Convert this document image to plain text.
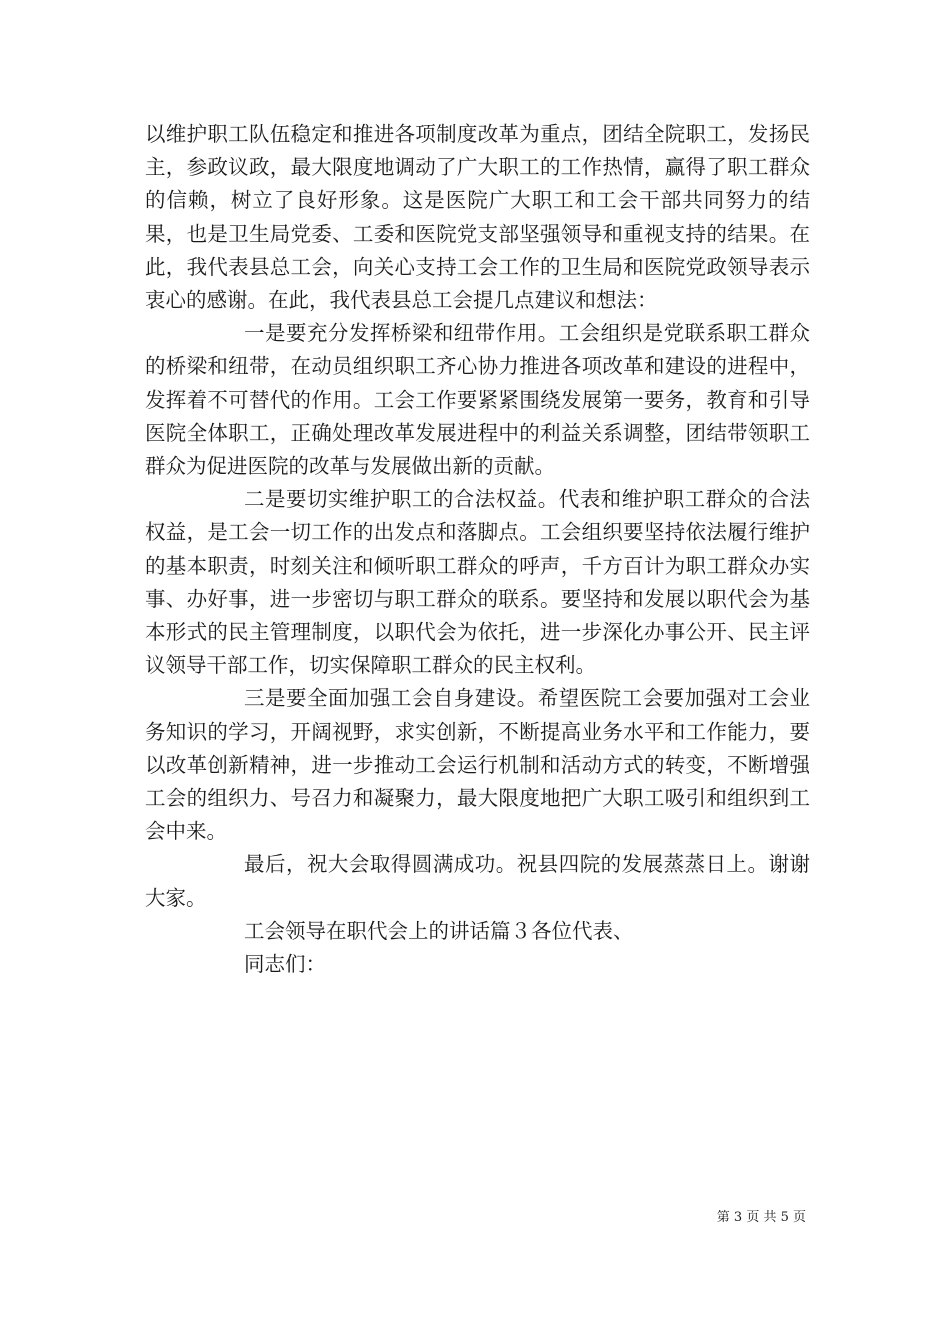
以维护职工队伍稳定和推进各项制度改革为重点，团结全院职工，发扬民主，参政议政，最大限度地调动了广大职工的工作热情，赢得了职工群众的信赖，树立了良好形象。这是医院广大职工和工会干部共同努力的结果，也是卫生局党委、工委和医院党支部坚强领导和重视支持的结果。在此，我代表县总工会，向关心支持工会工作的卫生局和医院党政领导表示衷心的感谢。在此，我代表县总工会提几点建议和想法：

一是要充分发挥桥梁和纽带作用。工会组织是党联系职工群众的桥梁和纽带，在动员组织职工齐心协力推进各项改革和建设的进程中，发挥着不可替代的作用。工会工作要紧紧围绕发展第一要务，教育和引导医院全体职工，正确处理改革发展进程中的利益关系调整，团结带领职工群众为促进医院的改革与发展做出新的贡献。

二是要切实维护职工的合法权益。代表和维护职工群众的合法权益，是工会一切工作的出发点和落脚点。工会组织要坚持依法履行维护的基本职责，时刻关注和倾听职工群众的呼声，千方百计为职工群众办实事、办好事，进一步密切与职工群众的联系。要坚持和发展以职代会为基本形式的民主管理制度，以职代会为依托，进一步深化办事公开、民主评议领导干部工作，切实保障职工群众的民主权利。

三是要全面加强工会自身建设。希望医院工会要加强对工会业务知识的学习，开阔视野，求实创新，不断提高业务水平和工作能力，要以改革创新精神，进一步推动工会运行机制和活动方式的转变，不断增强工会的组织力、号召力和凝聚力，最大限度地把广大职工吸引和组织到工会中来。

最后，祝大会取得圆满成功。祝县四院的发展蒸蒸日上。谢谢大家。

工会领导在职代会上的讲话篇３各位代表、

同志们：

第 3 页 共 5 页
